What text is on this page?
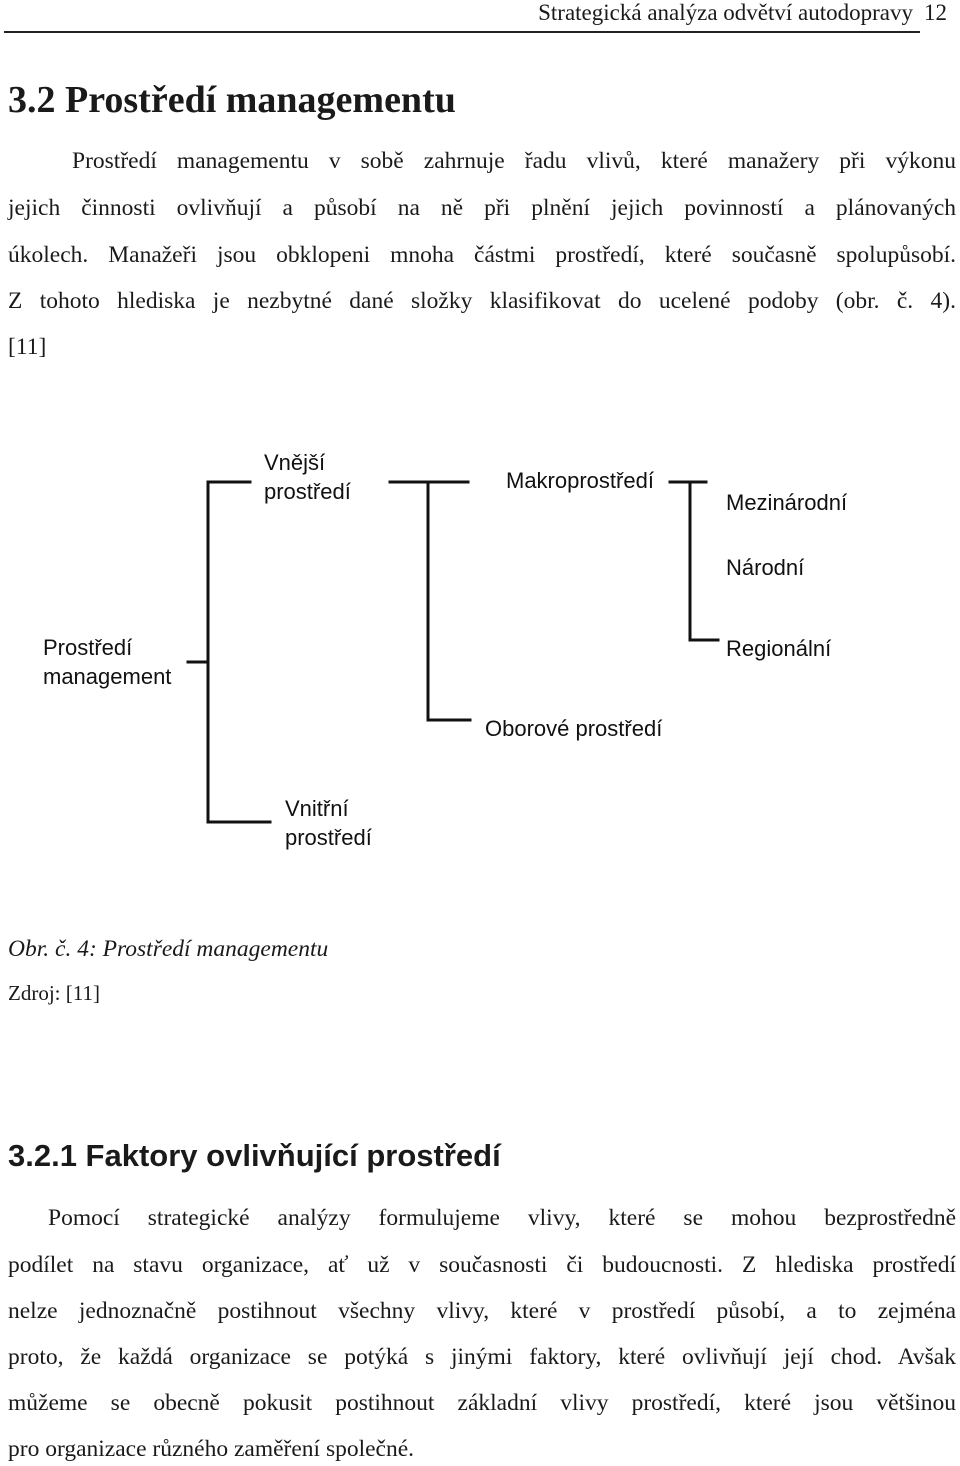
Strategická analýza odvětví autodopravy 12
3.2 Prostředí managementu
Prostředí managementu v sobě zahrnuje řadu vlivů, které manažery při výkonu
jejich činnosti ovlivňují a působí na ně při plnění jejich povinností a plánovaných
úkolech. Manažeři jsou obklopeni mnoha částmi prostředí, které současně spolupůsobí.
Z tohoto hlediska je nezbytné dané složky klasifikovat do ucelené podoby (obr. č. 4).
[11]
Vnější
prostředí	Makroprostředí
Mezinárodní
Národní
Regionální
Prostředí
management
Oborové prostředí
Vnitřní
prostředí

Obr. č. 4: Prostředí managementu

Zdroj: [11]
3.2.1 Faktory ovlivňující prostředí
Pomocí strategické analýzy formulujeme vlivy, které se mohou bezprostředně
podílet na stavu organizace, ať už v současnosti či budoucnosti. Z hlediska prostředí
nelze jednoznačně postihnout všechny vlivy, které v prostředí působí, a to zejména
proto, že každá organizace se potýká s jinými faktory, které ovlivňují její chod. Avšak
můžeme se obecně pokusit postihnout základní vlivy prostředí, které jsou většinou
pro organizace různého zaměření společné.
